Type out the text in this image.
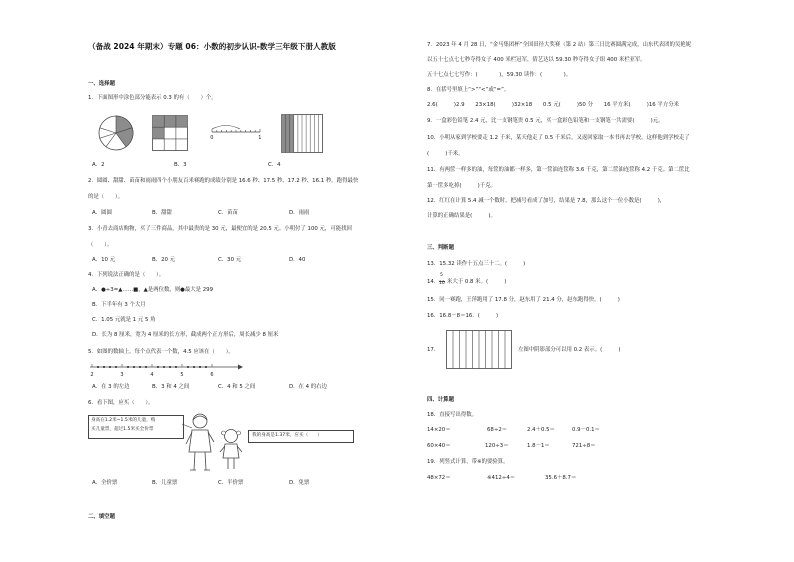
（备战 2024 年期末）专题 06：小数的初步认识-数学三年级下册人教版
一、选择题
1．下面图形中涂色部分能表示 0.3 的有（　　）个。
0	1
A．2	B．3	C．4
2．圆圆、甜甜、苗苗和雨雨四个小朋友百米赛跑的成绩分别是 16.6 秒、17.5 秒、17.2 秒、16.1 秒。跑得最快
的是（　　）。
A．圆圆	B．甜甜	C．苗苗	D．雨雨
3．小青去商店购物，买了三件商品，其中最贵的是 30 元，最便宜的是 20.5 元。小明付了 100 元，可能找回
（　　）。
A．10 元	B．20 元	C．30 元	D．40
4．下列说法正确的是（　　）。
A．●÷3=▲……■，▲是两位数，则●最大是 299
B．下半年有 3 个大月
C．1.05 元就是 1 元 5 角
D．长为 8 厘米，宽为 4 厘米的长方形，截成两个正方形后，周长减少 8 厘米
5．如图的数轴上，每个点代表一个数，4.5 应该在（　　）。
2	3	4	5	6
A．在 3 的左边	B．3 和 4 之间	C．4 和 5 之间	D．在 4 的右边
6．看下图，应买（　　）。
身高在1.2米~1.5米的儿童，购
买儿童票，超过1.5米买全价票
我的身高是1.37米，应买（　　）
A．全价票	B．儿童票	C．半价票	D．免票
二、填空题
7．2023 年 4 月 28 日，“金马集团杯”全国田径大奖赛（第 2 站）第三日比赛圆满完成，山东代表团的吴艳妮
以五十七点七七秒夺得女子 400 米栏冠军，倩艺达以 59.30 秒夺得女子组 400 米栏亚军。
五十七点七七写作：(　　　　)，59.30 读作：(　　　　)。
8．在括号里填上“>”“<”或“=”。
2.6(　　　)2.9　　23×18(　　　)32×18　　0.5 元(　　　)50 分　　16 平方米(　　　)16 平方分米
9．一盒彩色铅笔 2.4 元，比一支钢笔贵 0.5 元，买一盒彩色铅笔和一支钢笔一共需要(　　　)元。
10．小明从家到学校要走 1.2 千米，某天他走了 0.5 千米后，又返回家取一本书再去学校，这样他到学校走了
(　　　)千米。
11．有两筐一样多的油，每筐的油都一样多，第一筐油连筐称 3.6 千克，第二筐油连筐称 4.2 千克。第二筐比
第一筐多吃掉(　　　)千克。
12．红红在计算 5.4 减一个数时，把减号看成了加号，结果是 7.8，那么这个一位小数是(　　　)，
计算的正确结果是(　　　)。
三、判断题
13．15.32 读作十五点三十二。(　　　)
14．
5
10 米大于 0.8 米。(　　　)
15．同一赛跑，王萍跑用了 17.8 分，赵东用了 21.4 分，赵东跑得快。(　　　)
16．16.8－8＝16．(　　　)
17．	左图中阴影部分可以用 0.2 表示。(　　　)
四、计算题
18．直接写出得数。
14×20＝	68÷2＝	2.4＋0.5＝	0.9－0.1＝
60×40＝	120÷3＝	1.8－1＝	721÷8＝
19．列竖式计算，带※的要验算。
48×72＝	※412÷4＝	35.6＋8.7＝
